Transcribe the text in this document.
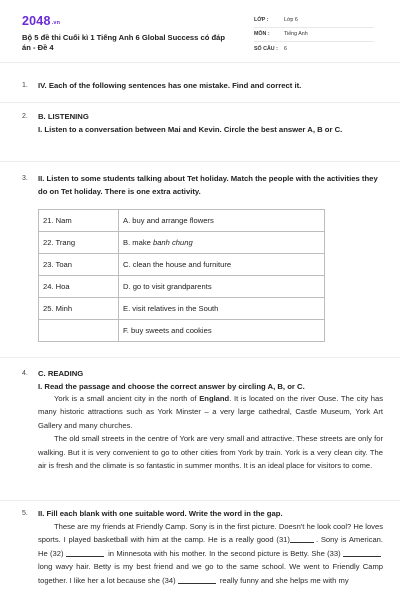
2048.vn
Bộ 5 đề thi Cuối kì 1 Tiếng Anh 6 Global Success có đáp án - Đề 4
LỚP :	Lớp 6
MÔN :	Tiếng Anh
SỐ CÂU :	6
1. IV. Each of the following sentences has one mistake. Find and correct it.

2. B. LISTENING

I. Listen to a conversation between Mai and Kevin. Circle the best answer A, B or C.

3. II. Listen to some students talking about Tet holiday. Match the people with the activities they do on Tet holiday. There is one extra activity.

21. Nam	A. buy and arrange flowers
22. Trang	B. make banh chung
23. Toan	C. clean the house and furniture
24. Hoa	D. go to visit grandparents
25. Minh	E. visit relatives in the South
	F. buy sweets and cookies
4. C. READING

I. Read the passage and choose the correct answer by circling A, B, or C.

York is a small ancient city in the north of England. It is located on the river Ouse. The city has many historic attractions such as York Minster – a very large cathedral, Castle Museum, York Art Gallery and many churches.

The old small streets in the centre of York are very small and attractive. These streets are only for walking. But it is very convenient to go to other cities from York by train. York is a very clean city. The air is fresh and the climate is so fantastic in summer months. It is an ideal place for visitors to come.

5. II. Fill each blank with one suitable word. Write the word in the gap.

These are my friends at Friendly Camp. Sony is in the first picture. Doesn't he look cool? He loves sports. I played basketball with him at the camp. He is a really good (31)	. Sony is American. He (32)	in Minnesota with his mother. In the second picture is Betty. She (33)  long wavy hair. Betty is my best friend and we go to the same school. We went to Friendly Camp together. I like her a lot because she (34)	really funny and she helps me with my
